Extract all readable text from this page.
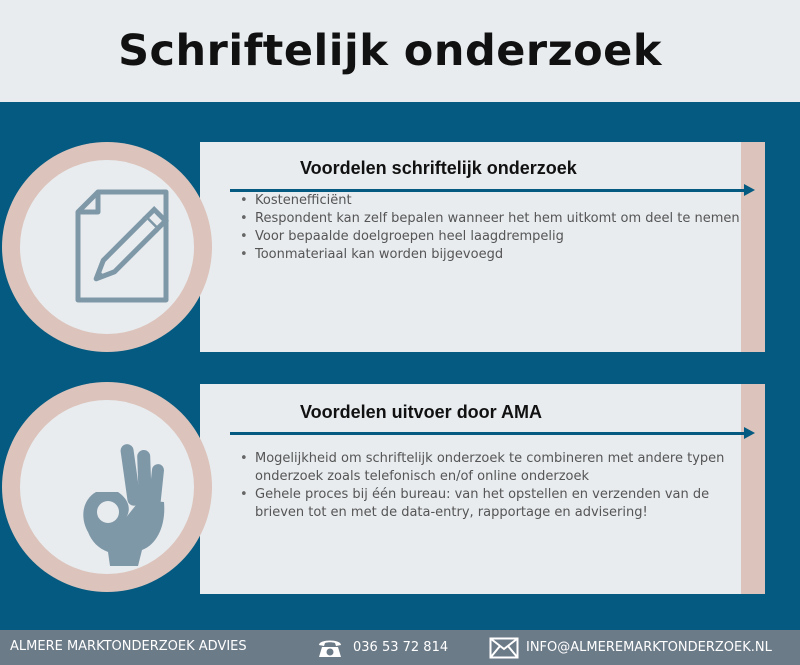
Schriftelijk onderzoek
Voordelen schriftelijk onderzoek
• Kostenefficiënt
• Respondent kan zelf bepalen wanneer het hem uitkomt om deel te nemen
• Voor bepaalde doelgroepen heel laagdrempelig
• Toonmateriaal kan worden bijgevoegd
Voordelen uitvoer door AMA
• Mogelijkheid om schriftelijk onderzoek te combineren met andere typen onderzoek zoals telefonisch en/of online onderzoek
• Gehele proces bij één bureau: van het opstellen en verzenden van de brieven tot en met de data-entry, rapportage en advisering!
ALMERE MARKTONDERZOEK ADVIES	036 53 72 814	INFO@ALMEREMARKTONDERZOEK.NL
